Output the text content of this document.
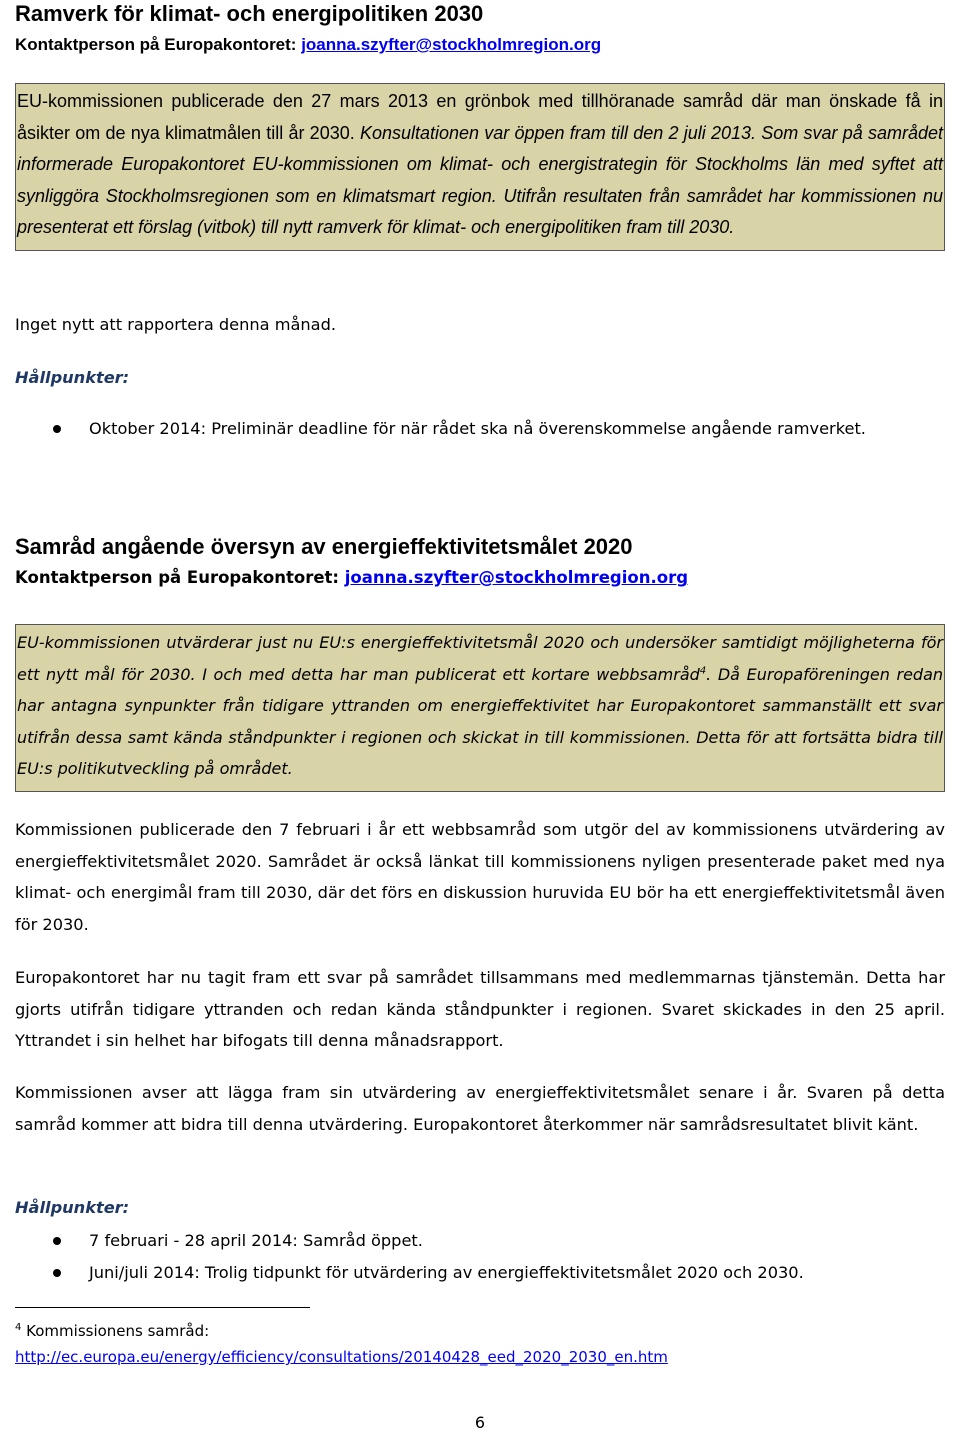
Ramverk för klimat- och energipolitiken 2030
Kontaktperson på Europakontoret: joanna.szyfter@stockholmregion.org
EU-kommissionen publicerade den 27 mars 2013 en grönbok med tillhöranade samråd där man önskade få in åsikter om de nya klimatmålen till år 2030. Konsultationen var öppen fram till den 2 juli 2013. Som svar på samrådet informerade Europakontoret EU-kommissionen om klimat- och energistrategin för Stockholms län med syftet att synliggöra Stockholmsregionen som en klimatsmart region. Utifrån resultaten från samrådet har kommissionen nu presenterat ett förslag (vitbok) till nytt ramverk för klimat- och energipolitiken fram till 2030.

Inget nytt att rapportera denna månad.

Hållpunkter:

Oktober 2014: Preliminär deadline för när rådet ska nå överenskommelse angående ramverket.
Samråd angående översyn av energieffektivitetsmålet 2020
Kontaktperson på Europakontoret: joanna.szyfter@stockholmregion.org
EU-kommissionen utvärderar just nu EU:s energieffektivitetsmål 2020 och undersöker samtidigt möjligheterna för ett nytt mål för 2030. I och med detta har man publicerat ett kortare webbsamråd$^4$. Då Europaföreningen redan har antagna synpunkter från tidigare yttranden om energieffektivitet har Europakontoret sammanställt ett svar utifrån dessa samt kända ståndpunkter i regionen och skickat in till kommissionen. Detta för att fortsätta bidra till EU:s politikutveckling på området.

Kommissionen publicerade den 7 februari i år ett webbsamråd som utgör del av kommissionens utvärdering av energieffektivitetsmålet 2020. Samrådet är också länkat till kommissionens nyligen presenterade paket med nya klimat- och energimål fram till 2030, där det förs en diskussion huruvida EU bör ha ett energieffektivitetsmål även för 2030.

Europakontoret har nu tagit fram ett svar på samrådet tillsammans med medlemmarnas tjänstemän. Detta har gjorts utifrån tidigare yttranden och redan kända ståndpunkter i regionen. Svaret skickades in den 25 april. Yttrandet i sin helhet har bifogats till denna månadsrapport.

Kommissionen avser att lägga fram sin utvärdering av energieffektivitetsmålet senare i år. Svaren på detta samråd kommer att bidra till denna utvärdering. Europakontoret återkommer när samrådsresultatet blivit känt.

Hållpunkter:

7 februari - 28 april 2014: Samråd öppet.
Juni/juli 2014: Trolig tidpunkt för utvärdering av energieffektivitetsmålet 2020 och 2030.
$^4$ Kommissionens samråd:
http://ec.europa.eu/energy/efficiency/consultations/20140428_eed_2020_2030_en.htm
6
